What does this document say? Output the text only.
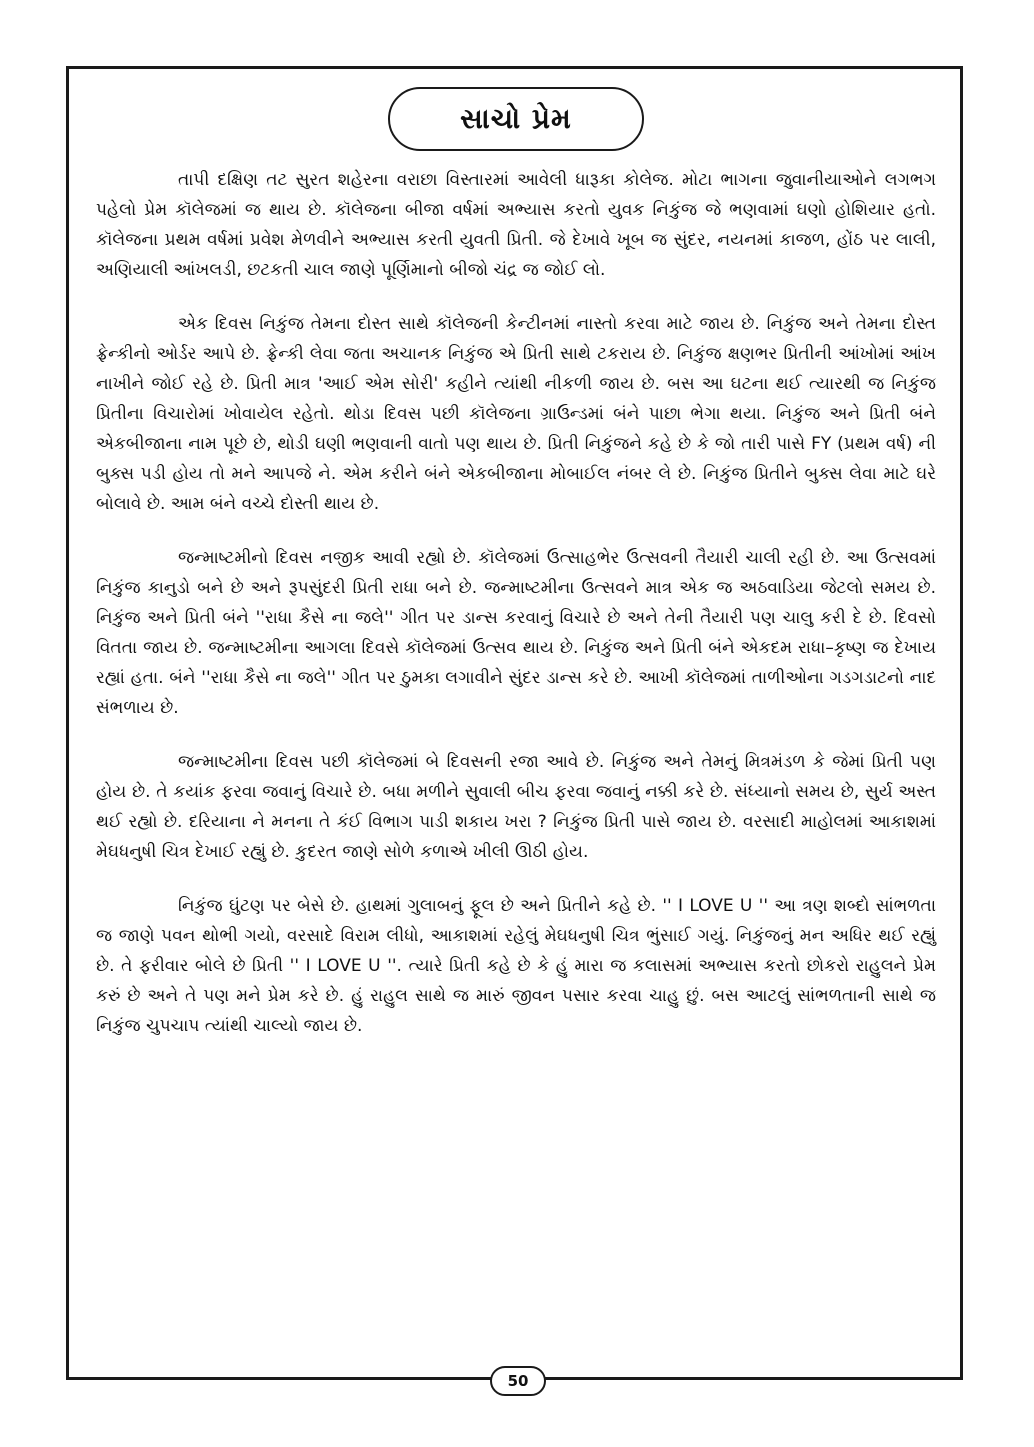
સાચો પ્રેમ

તાપી દક્ષિણ તટ સુરત શહેરના વરાછા વિસ્તારમાં આવેલી ધારૂકા કોલેજ. મોટા ભાગના જુવાનીયાઓને લગભગ પહેલો પ્રેમ કૉલેજમાં જ થાય છે. કૉલેજના બીજા વર્ષમાં અભ્યાસ કરતો યુવક નિકુંજ જે ભણવામાં ઘણો હોશિયાર હતો. કૉલેજના પ્રથમ વર્ષમાં પ્રવેશ મેળવીને અભ્યાસ કરતી યુવતી પ્રિતી. જે દેખાવે ખૂબ જ સુંદર, નયનમાં કાજળ, હોંઠ પર લાલી, અણિયાલી આંખલડી, છટકતી ચાલ જાણે પૂર્ણિમાનો બીજો ચંદ્ર જ જોઈ લો.

એક દિવસ નિકુંજ તેમના દોસ્ત સાથે કૉલેજની કેન્ટીનમાં નાસ્તો કરવા માટે જાય છે. નિકુંજ અને તેમના દોસ્ત ફ્રેન્કીનો ઓર્ડર આપે છે. ફ્રેન્કી લેવા જતા અચાનક નિકુંજ એ પ્રિતી સાથે ટકરાય છે. નિકુંજ ક્ષણભર પ્રિતીની આંખોમાં આંખ નાખીને જોઈ રહે છે. પ્રિતી માત્ર 'આઈ એમ સોરી' કહીને ત્યાંથી નીકળી જાય છે. બસ આ ઘટના થઈ ત્યારથી જ નિકુંજ પ્રિતીના વિચારોમાં ખોવાયેલ રહેતો. થોડા દિવસ પછી કૉલેજના ગ્રાઉન્ડમાં બંને પાછા ભેગા થયા. નિકુંજ અને પ્રિતી બંને એકબીજાના નામ પૂછે છે, થોડી ઘણી ભણવાની વાતો પણ થાય છે. પ્રિતી નિકુંજને કહે છે કે જો તારી પાસે FY (પ્રથમ વર્ષ) ની બુક્સ પડી હોય તો મને આપજે ને. એમ કરીને બંને એકબીજાના મોબાઈલ નંબર લે છે. નિકુંજ પ્રિતીને બુક્સ લેવા માટે ઘરે બોલાવે છે. આમ બંને વચ્ચે દોસ્તી થાય છે.

જન્માષ્ટમીનો દિવસ નજીક આવી રહ્યો છે. કૉલેજમાં ઉત્સાહભેર ઉત્સવની તૈયારી ચાલી રહી છે. આ ઉત્સવમાં નિકુંજ કાનુડો બને છે અને રૂપસુંદરી પ્રિતી રાધા બને છે. જન્માષ્ટમીના ઉત્સવને માત્ર એક જ અઠવાડિયા જેટલો સમય છે. નિકુંજ અને પ્રિતી બંને ''રાધા કૈસે ના જલે'' ગીત પર ડાન્સ કરવાનું વિચારે છે અને તેની તૈયારી પણ ચાલુ કરી દે છે. દિવસો વિતતા જાય છે. જન્માષ્ટમીના આગલા દિવસે કૉલેજમાં ઉત્સવ થાય છે. નિકુંજ અને પ્રિતી બંને એકદમ રાધા–કૃષ્ણ જ દેખાય રહ્યાં હતા. બંને ''રાધા કૈસે ના જલે'' ગીત પર ઠુમકા લગાવીને સુંદર ડાન્સ કરે છે. આખી કૉલેજમાં તાળીઓના ગડગડાટનો નાદ સંભળાય છે.

જન્માષ્ટમીના દિવસ પછી કૉલેજમાં બે દિવસની રજા આવે છે. નિકુંજ અને તેમનું મિત્રમંડળ કે જેમાં પ્રિતી પણ હોય છે. તે કયાંક ફરવા જવાનું વિચારે છે. બધા મળીને સુવાલી બીચ ફરવા જવાનું નક્કી કરે છે. સંધ્યાનો સમય છે, સુર્ય અસ્ત થઈ રહ્યો છે. દરિયાના ને મનના તે કંઈ વિભાગ પાડી શકાય ખરા ? નિકુંજ પ્રિતી પાસે જાય છે. વરસાદી માહોલમાં આકાશમાં મેઘધનુષી ચિત્ર દેખાઈ રહ્યું છે. કુદરત જાણે સોળે કળાએ ખીલી ઊઠી હોય.

નિકુંજ ઘુંટણ પર બેસે છે. હાથમાં ગુલાબનું ફૂલ છે અને પ્રિતીને કહે છે. '' I LOVE U '' આ ત્રણ શબ્દો સાંભળતા જ જાણે પવન થોભી ગયો, વરસાદે વિરામ લીધો, આકાશમાં રહેલું મેઘધનુષી ચિત્ર ભુંસાઈ ગયું. નિકુંજનું મન અધિર થઈ રહ્યું છે. તે ફરીવાર બોલે છે પ્રિતી '' I LOVE U ''. ત્યારે પ્રિતી કહે છે કે હું મારા જ કલાસમાં અભ્યાસ કરતો છોકરો રાહુલને પ્રેમ કરું છે અને તે પણ મને પ્રેમ કરે છે. હું રાહુલ સાથે જ મારું જીવન પસાર કરવા ચાહુ છું. બસ આટલું સાંભળતાની સાથે જ નિકુંજ ચુપચાપ ત્યાંથી ચાલ્યો જાય છે.

50
